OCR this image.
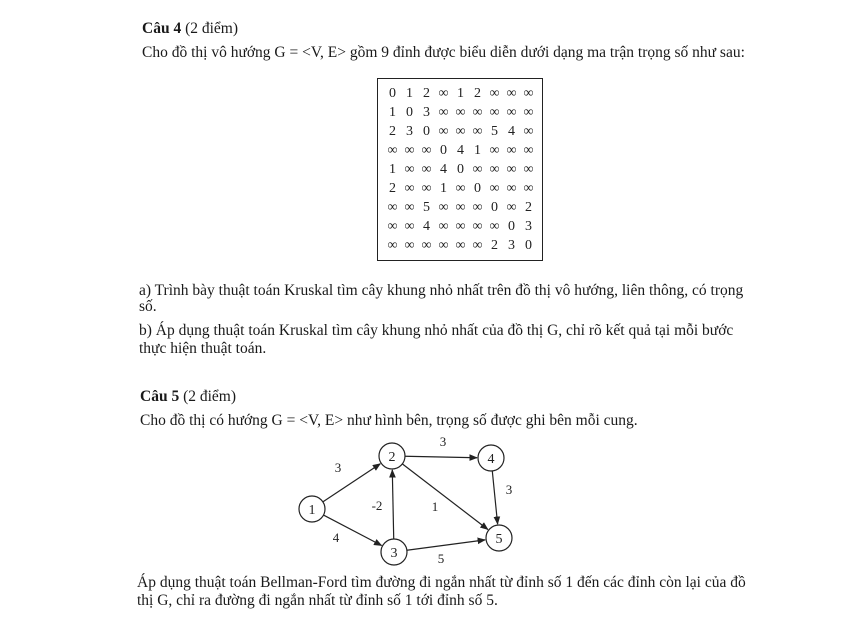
Câu 4 (2 điểm)
Cho đồ thị vô hướng G = <V, E> gồm 9 đỉnh được biểu diễn dưới dạng ma trận trọng số như sau:
0 1 2 ∞ 1 2 ∞ ∞ ∞
1 0 3 ∞ ∞ ∞ ∞ ∞ ∞
2 3 0 ∞ ∞ ∞ 5 4 ∞
∞ ∞ ∞ 0 4 1 ∞ ∞ ∞
1 ∞ ∞ 4 0 ∞ ∞ ∞ ∞
2 ∞ ∞ 1 ∞ 0 ∞ ∞ ∞
∞ ∞ 5 ∞ ∞ ∞ 0 ∞ 2
∞ ∞ 4 ∞ ∞ ∞ ∞ 0 3
∞ ∞ ∞ ∞ ∞ ∞ 2 3 0
a) Trình bày thuật toán Kruskal tìm cây khung nhỏ nhất trên đồ thị vô hướng, liên thông, có trọng
số.
b) Áp dụng thuật toán Kruskal tìm cây khung nhỏ nhất của đồ thị G, chỉ rõ kết quả tại mỗi bước
thực hiện thuật toán.
Câu 5 (2 điểm)
Cho đồ thị có hướng G = <V, E> như hình bên, trọng số được ghi bên mỗi cung.
3
4
-2
3
1
3
5
1
2
3
4
5
Áp dụng thuật toán Bellman-Ford tìm đường đi ngắn nhất từ đỉnh số 1 đến các đỉnh còn lại của đồ
thị G, chỉ ra đường đi ngắn nhất từ đỉnh số 1 tới đỉnh số 5.
